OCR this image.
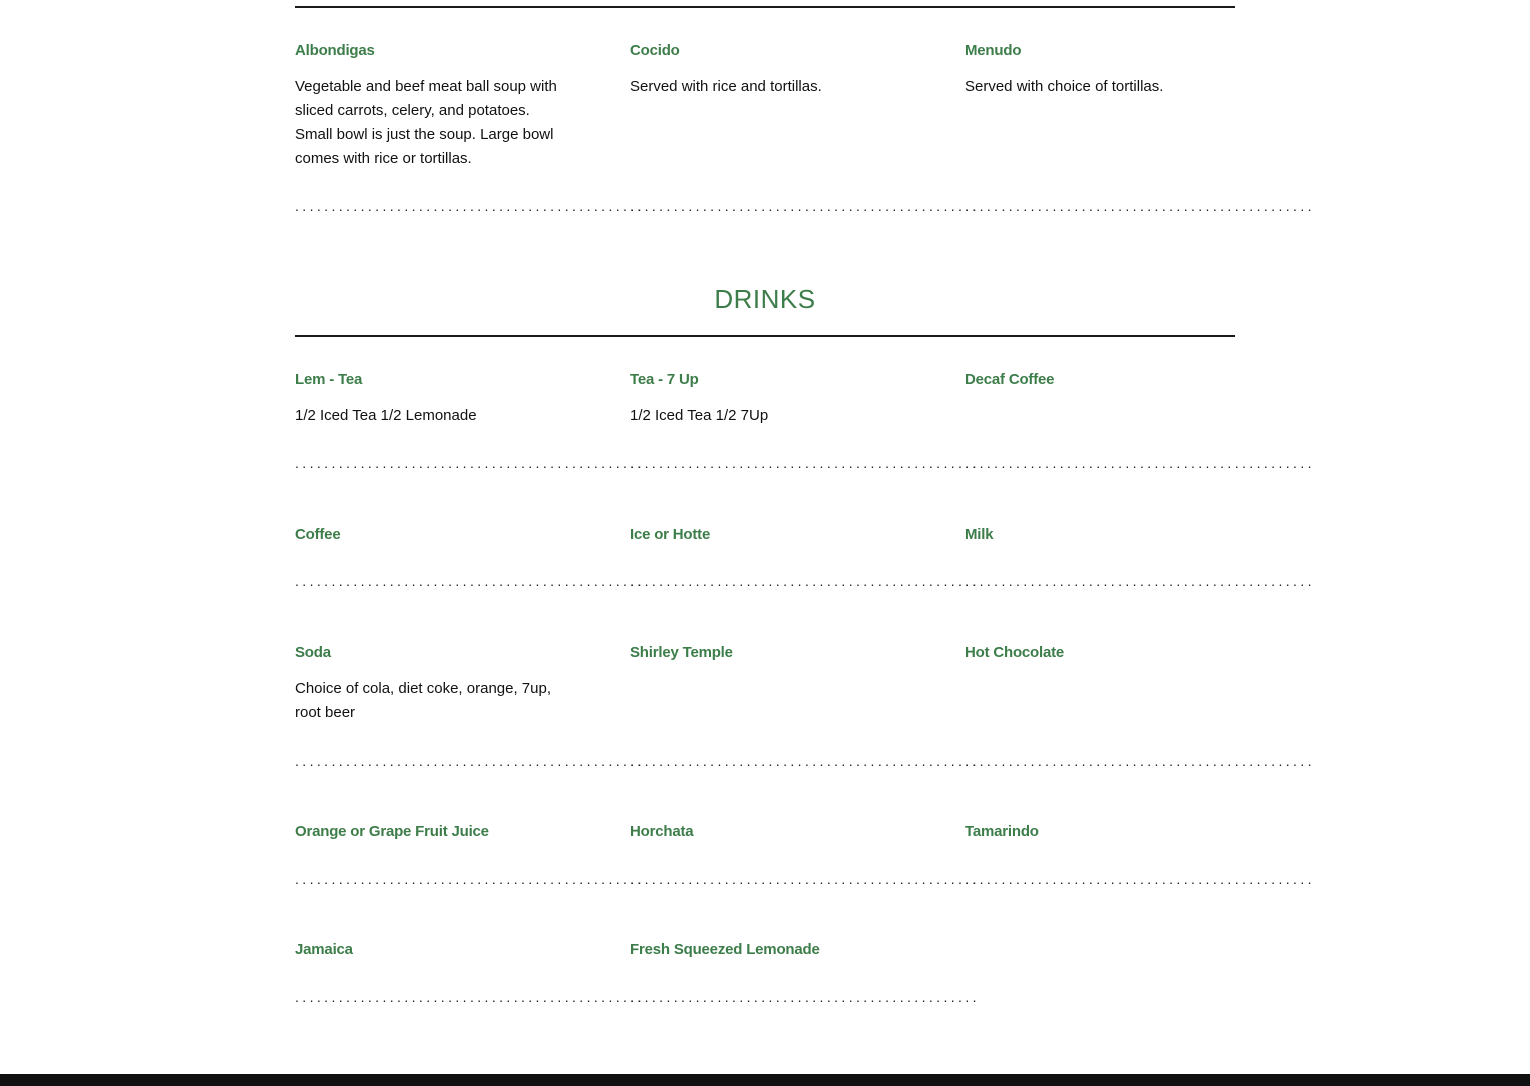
Albondigas

Vegetable and beef meat ball soup with sliced carrots, celery, and potatoes. Small bowl is just the soup. Large bowl comes with rice or tortillas.

................................................

Cocido

Served with rice and tortillas.

................................................

Menudo

Served with choice of tortillas.

................................................
DRINKS

Lem - Tea

1/2 Iced Tea 1/2 Lemonade

................................................

Tea - 7 Up

1/2 Iced Tea 1/2 7Up

................................................

Decaf Coffee

................................................

Coffee

................................................

Ice or Hotte

................................................

Milk

................................................

Soda

Choice of cola, diet coke, orange, 7up, root beer

................................................

Shirley Temple

................................................

Hot Chocolate

................................................

Orange or Grape Fruit Juice

................................................

Horchata

................................................

Tamarindo

................................................

Jamaica

................................................

Fresh Squeezed Lemonade

................................................
